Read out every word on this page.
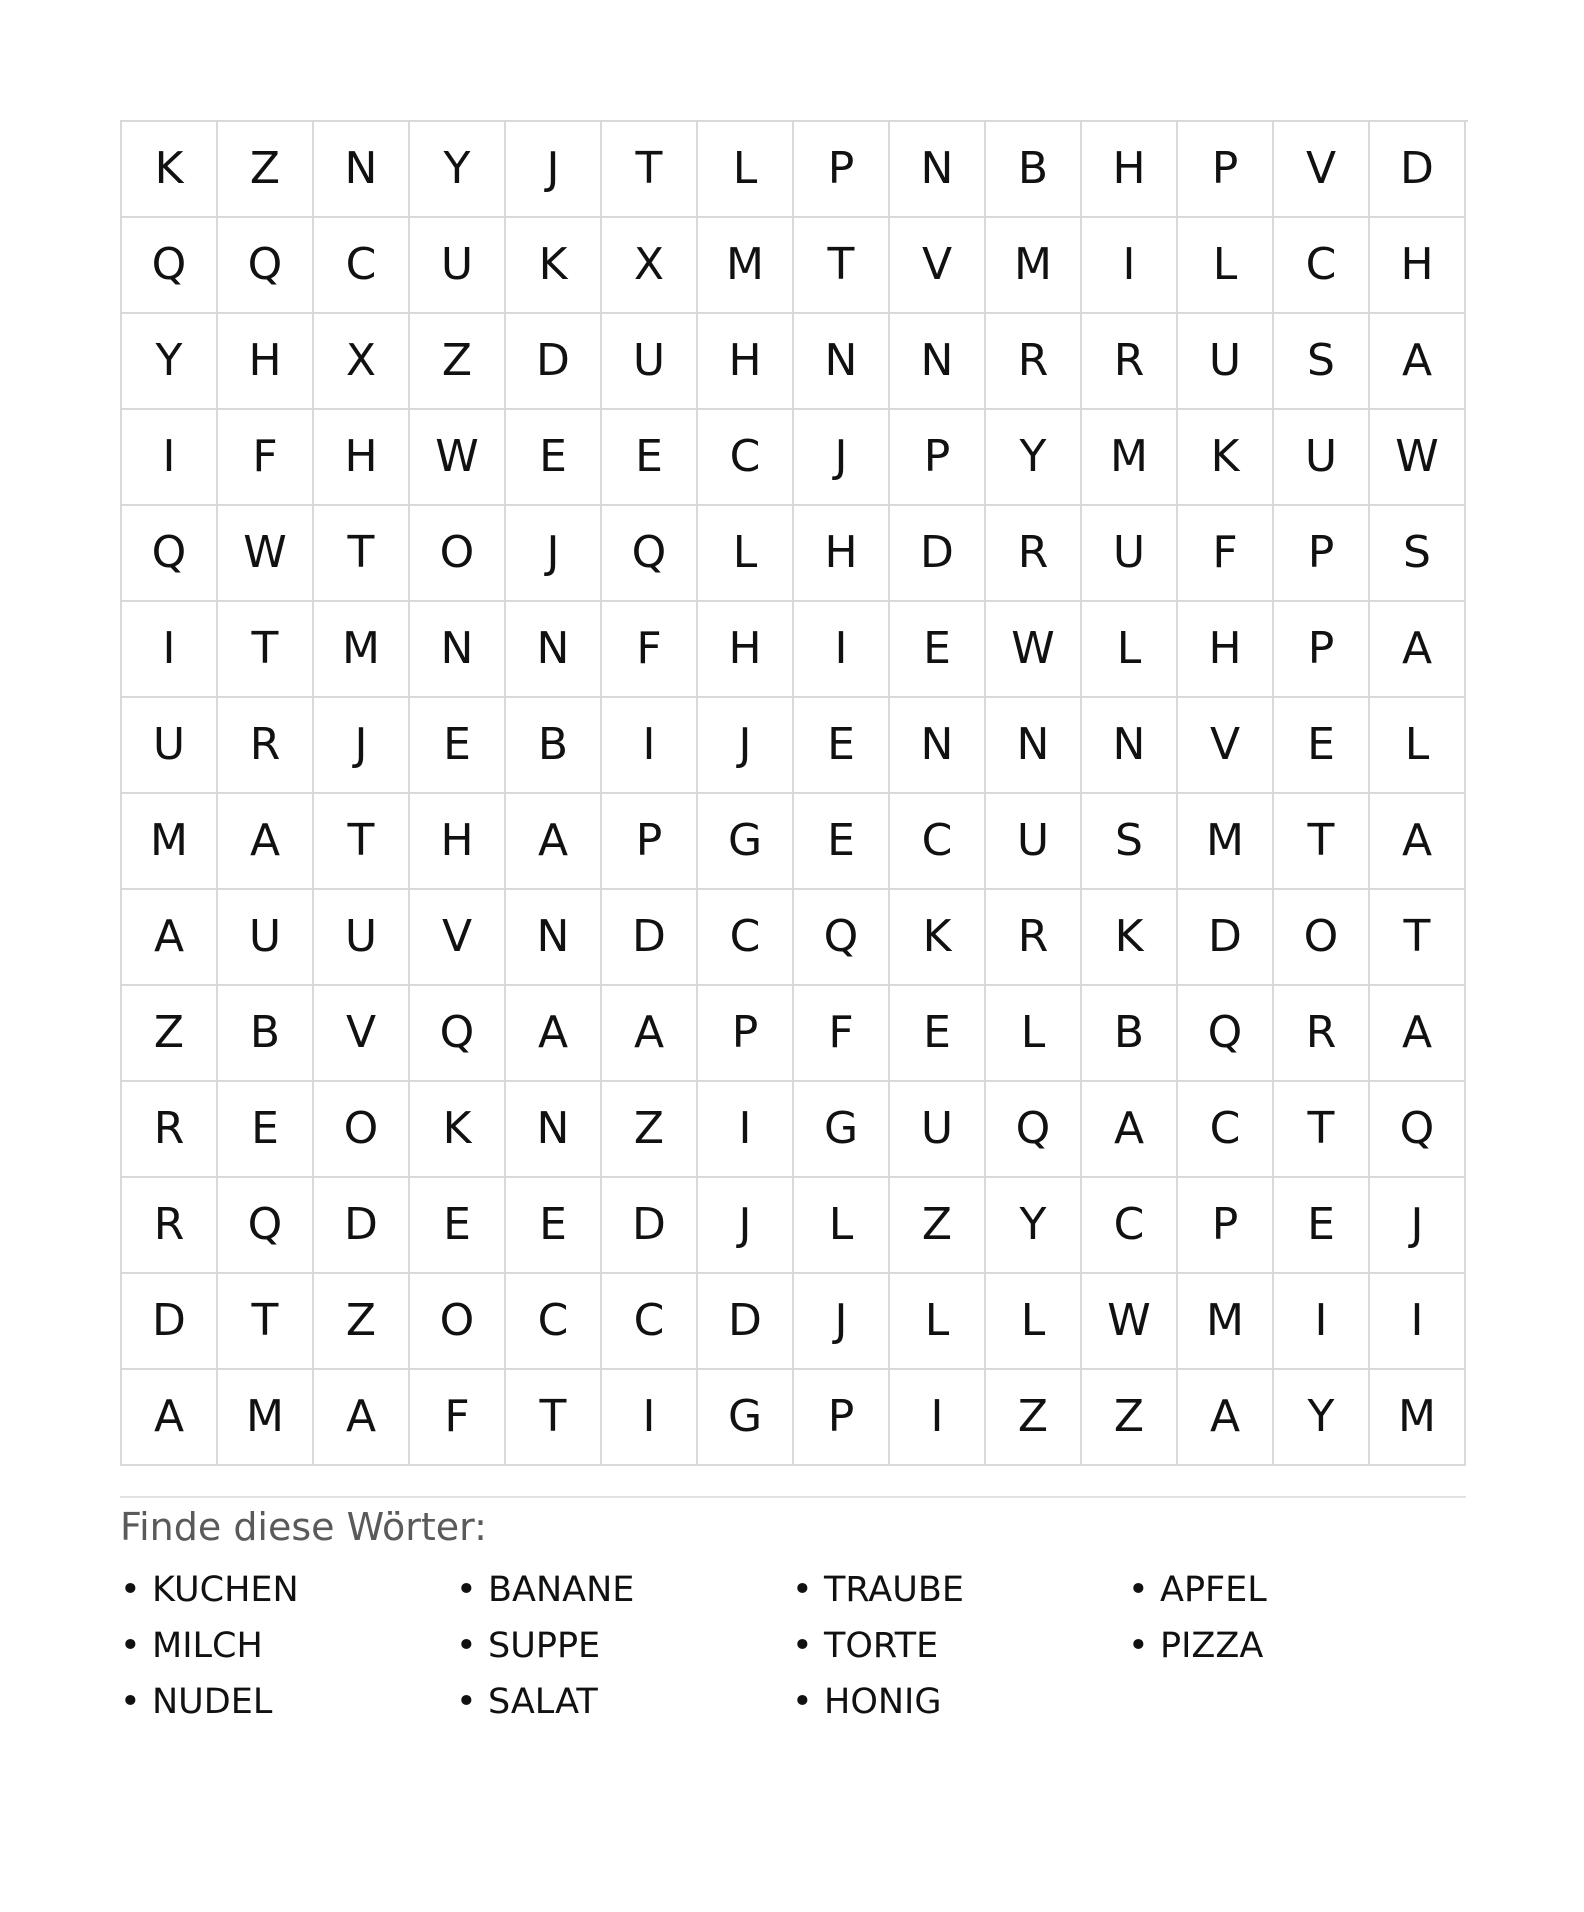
K	Z	N	Y	J	T	L	P	N	B	H	P	V	D
Q	Q	C	U	K	X	M	T	V	M	I	L	C	H
Y	H	X	Z	D	U	H	N	N	R	R	U	S	A
I	F	H	W	E	E	C	J	P	Y	M	K	U	W
Q	W	T	O	J	Q	L	H	D	R	U	F	P	S
I	T	M	N	N	F	H	I	E	W	L	H	P	A
U	R	J	E	B	I	J	E	N	N	N	V	E	L
M	A	T	H	A	P	G	E	C	U	S	M	T	A
A	U	U	V	N	D	C	Q	K	R	K	D	O	T
Z	B	V	Q	A	A	P	F	E	L	B	Q	R	A
R	E	O	K	N	Z	I	G	U	Q	A	C	T	Q
R	Q	D	E	E	D	J	L	Z	Y	C	P	E	J
D	T	Z	O	C	C	D	J	L	L	W	M	I	I
A	M	A	F	T	I	G	P	I	Z	Z	A	Y	M
Finde diese Wörter:
• KUCHEN	• BANANE	• TRAUBE	• APFEL
• MILCH	• SUPPE	• TORTE	• PIZZA
• NUDEL	• SALAT	• HONIG
